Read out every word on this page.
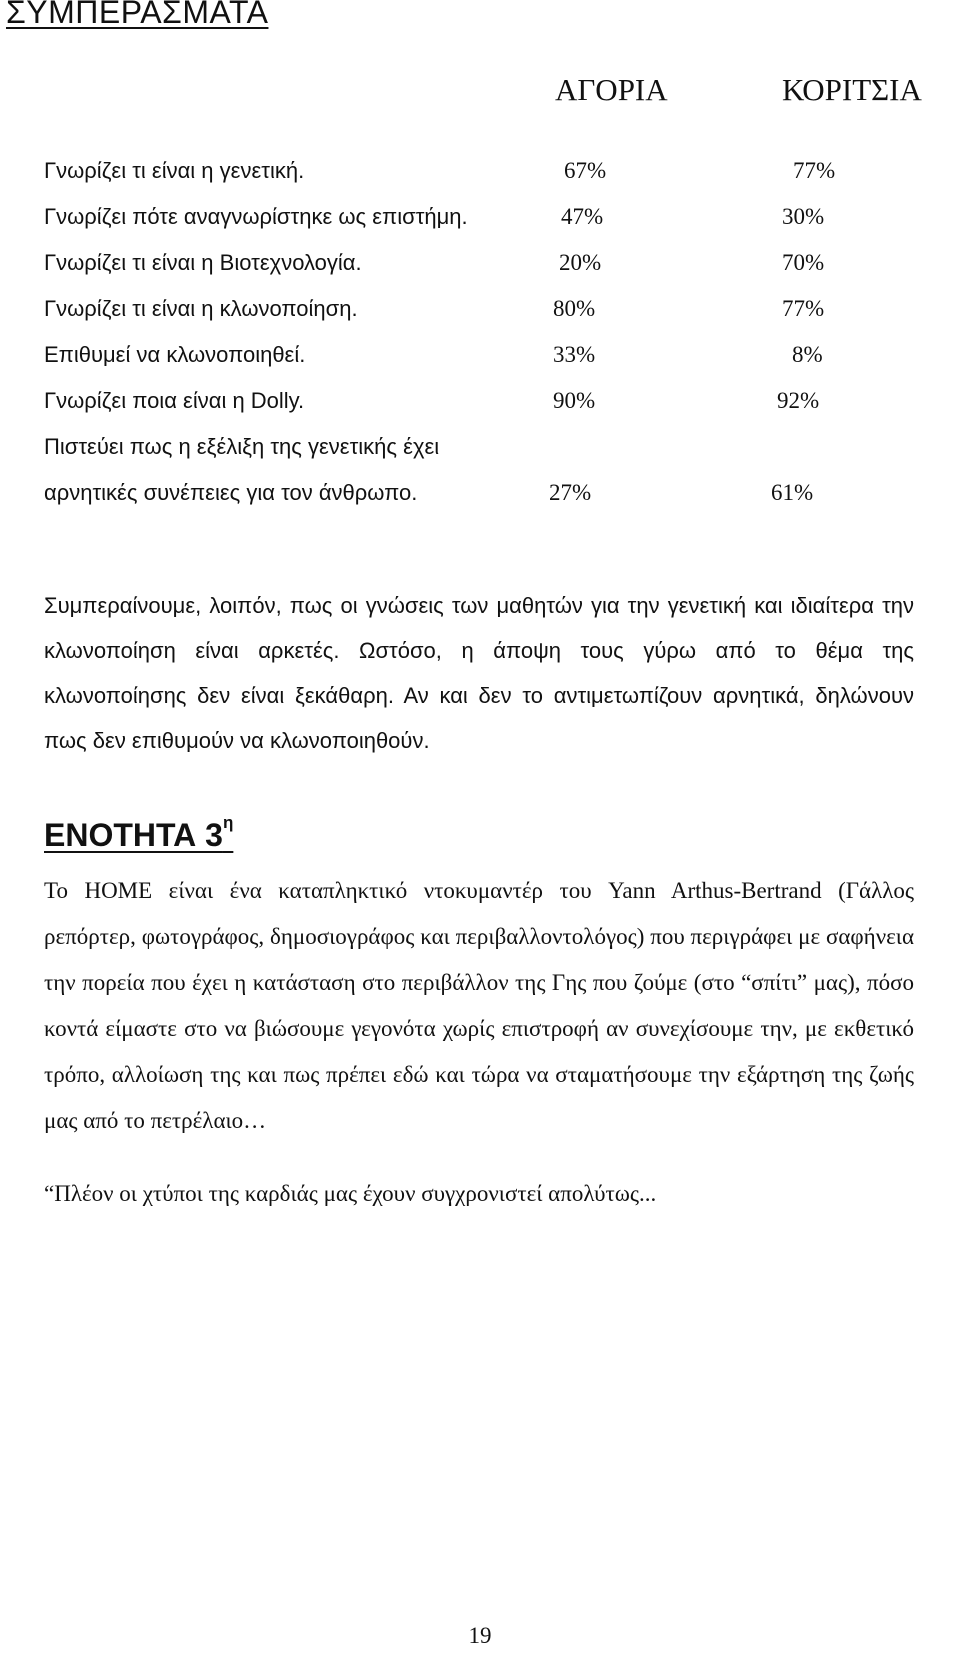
ΣΥΜΠΕΡΑΣΜΑΤΑ
ΑΓΟΡΙΑ	ΚΟΡΙΤΣΙΑ
Γνωρίζει τι είναι η γενετική.	67%	77%
Γνωρίζει πότε αναγνωρίστηκε ως επιστήμη.	47%	30%
Γνωρίζει τι είναι η Βιοτεχνολογία.	20%	70%
Γνωρίζει τι είναι η κλωνοποίηση.	80%	77%
Επιθυμεί να κλωνοποιηθεί.	33%	8%
Γνωρίζει ποια είναι η Dolly.	90%	92%
Πιστεύει πως η εξέλιξη της γενετικής έχει
αρνητικές συνέπειες για τον άνθρωπο.	27%	61%

Συμπεραίνουμε, λοιπόν, πως οι γνώσεις των μαθητών για την γενετική και ιδιαίτερα την κλωνοποίηση είναι αρκετές. Ωστόσο, η άποψη τους γύρω από το θέμα της κλωνοποίησης δεν είναι ξεκάθαρη. Αν και δεν το αντιμετωπίζουν αρνητικά, δηλώνουν πως δεν επιθυμούν να κλωνοποιηθούν.

ΕΝΟΤΗΤΑ $3^\eta$

Το HOME είναι ένα καταπληκτικό ντοκυμαντέρ του Yann Arthus-Bertrand (Γάλλος ρεπόρτερ, φωτογράφος, δημοσιογράφος και περιβαλλοντολόγος) που περιγράφει με σαφήνεια την πορεία που έχει η κατάσταση στο περιβάλλον της Γης που ζούμε (στο “σπίτι” μας), πόσο κοντά είμαστε στο να βιώσουμε γεγονότα χωρίς επιστροφή αν συνεχίσουμε την, με εκθετικό τρόπο, αλλοίωση της και πως πρέπει εδώ και τώρα να σταματήσουμε την εξάρτηση της ζωής μας από το πετρέλαιο…

“Πλέον οι χτύποι της καρδιάς μας έχουν συγχρονιστεί απολύτως...

19
